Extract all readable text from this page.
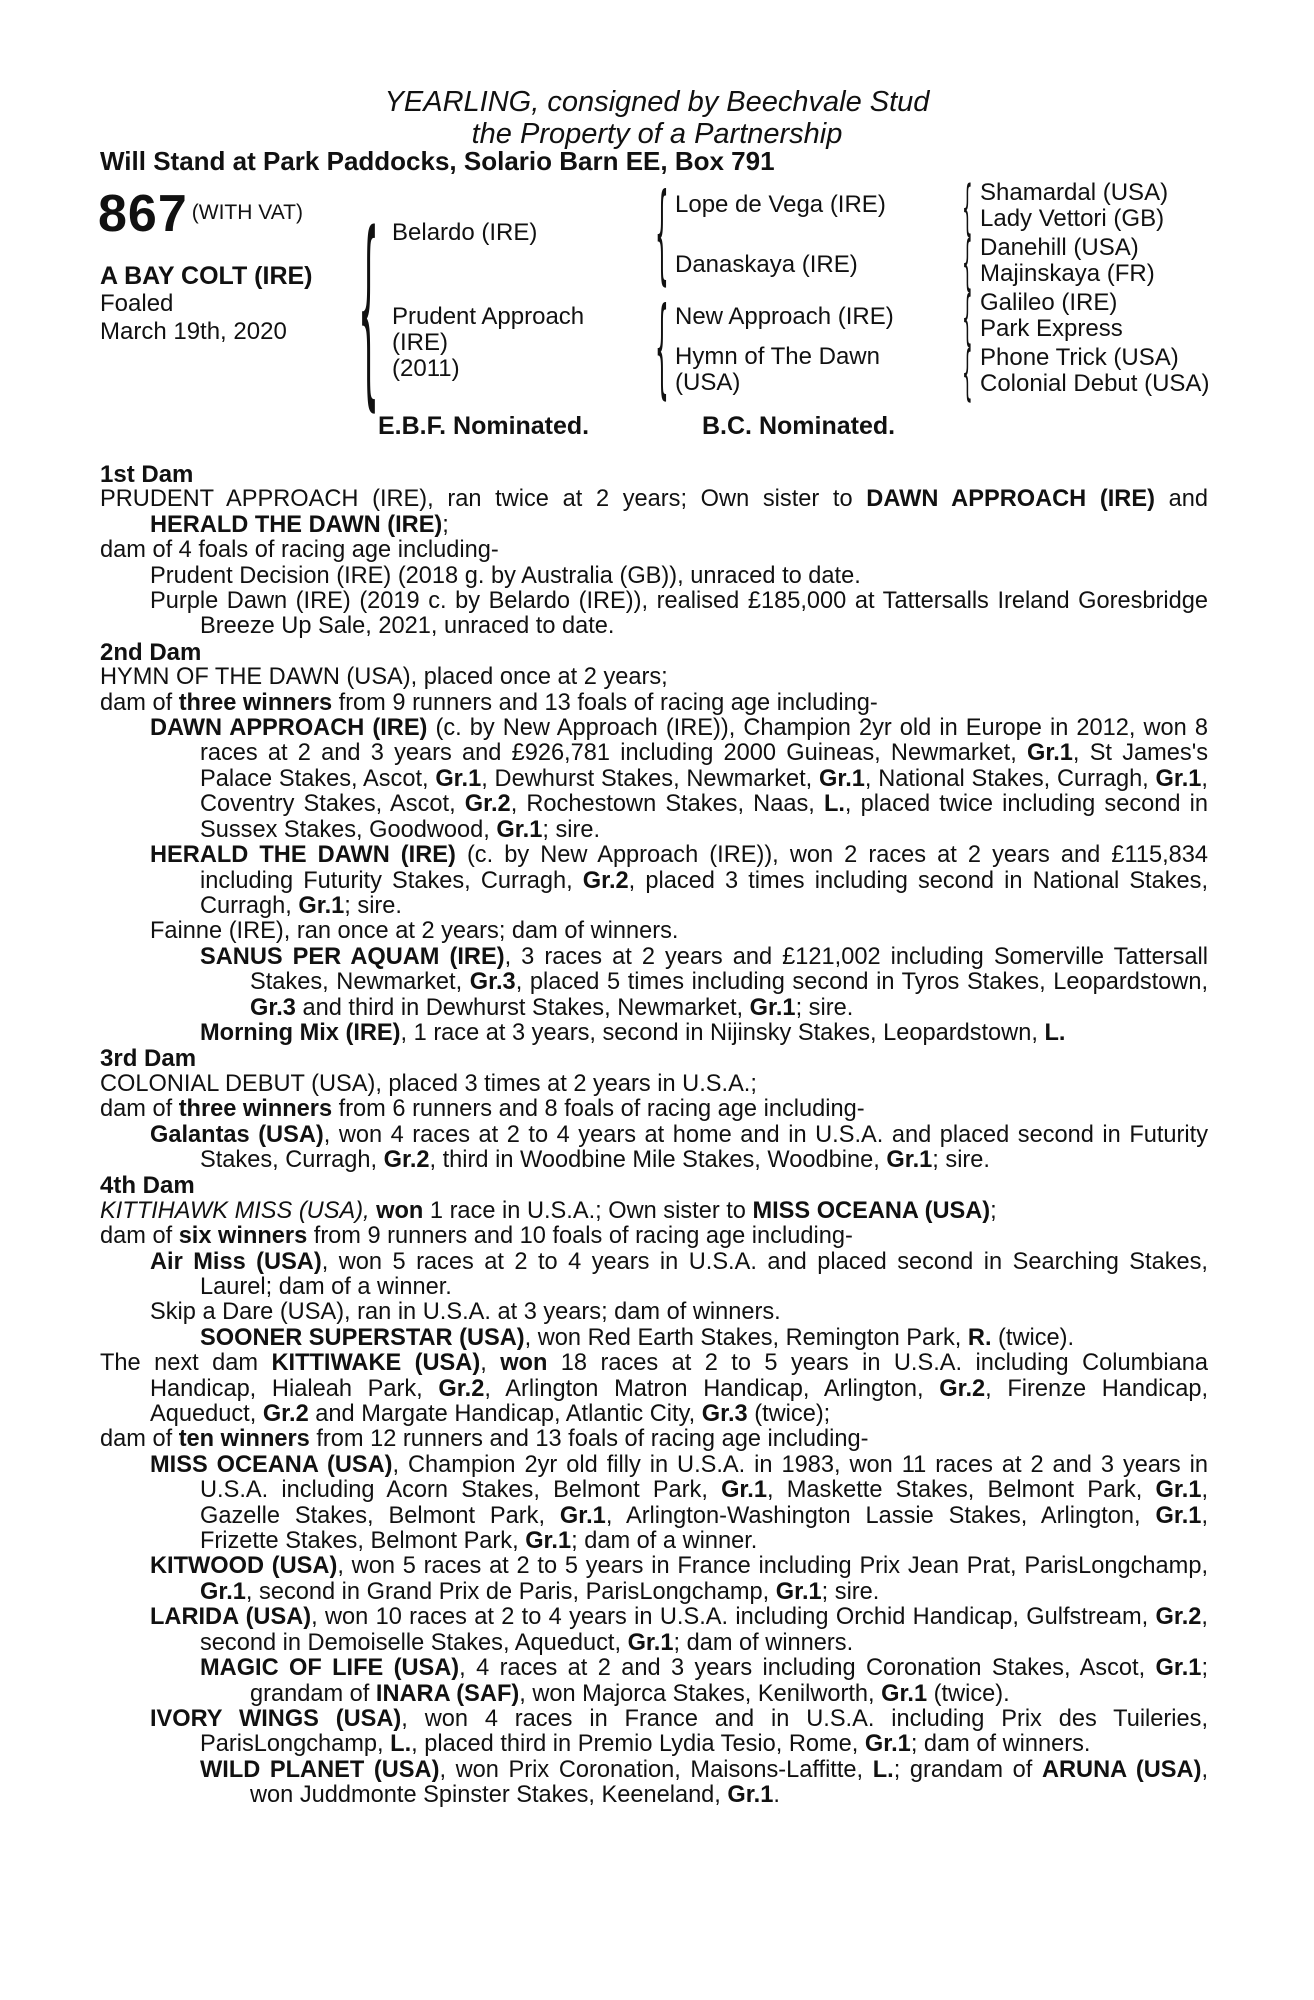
YEARLING, consigned by Beechvale Stud
the Property of a Partnership
Will Stand at Park Paddocks, Solario Barn EE, Box 791
867 (WITH VAT)
A BAY COLT (IRE)
Foaled
March 19th, 2020 { Belardo (IRE)
Prudent Approach
(IRE)
(2011)
{ Lope de Vega (IRE)
Danaskaya (IRE)
{ New Approach (IRE)
Hymn of The Dawn
(USA)
{ Shamardal (USA)
Lady Vettori (GB)
{ Danehill (USA)
Majinskaya (FR)
{ Galileo (IRE)
Park Express
{ Phone Trick (USA)
Colonial Debut (USA)
E.B.F. Nominated.	B.C. Nominated.

1st Dam

PRUDENT APPROACH (IRE), ran twice at 2 years; Own sister to DAWN APPROACH (IRE) and HERALD THE DAWN (IRE);

dam of 4 foals of racing age including-

Prudent Decision (IRE) (2018 g. by Australia (GB)), unraced to date.

Purple Dawn (IRE) (2019 c. by Belardo (IRE)), realised £185,000 at Tattersalls Ireland Goresbridge Breeze Up Sale, 2021, unraced to date.

2nd Dam

HYMN OF THE DAWN (USA), placed once at 2 years;

dam of three winners from 9 runners and 13 foals of racing age including-

DAWN APPROACH (IRE) (c. by New Approach (IRE)), Champion 2yr old in Europe in 2012, won 8 races at 2 and 3 years and £926,781 including 2000 Guineas, Newmarket, Gr.1, St James's Palace Stakes, Ascot, Gr.1, Dewhurst Stakes, Newmarket, Gr.1, National Stakes, Curragh, Gr.1, Coventry Stakes, Ascot, Gr.2, Rochestown Stakes, Naas, L., placed twice including second in Sussex Stakes, Goodwood, Gr.1; sire.

HERALD THE DAWN (IRE) (c. by New Approach (IRE)), won 2 races at 2 years and £115,834 including Futurity Stakes, Curragh, Gr.2, placed 3 times including second in National Stakes, Curragh, Gr.1; sire.

Fainne (IRE), ran once at 2 years; dam of winners.

SANUS PER AQUAM (IRE), 3 races at 2 years and £121,002 including Somerville Tattersall Stakes, Newmarket, Gr.3, placed 5 times including second in Tyros Stakes, Leopardstown, Gr.3 and third in Dewhurst Stakes, Newmarket, Gr.1; sire.

Morning Mix (IRE), 1 race at 3 years, second in Nijinsky Stakes, Leopardstown, L.

3rd Dam

COLONIAL DEBUT (USA), placed 3 times at 2 years in U.S.A.;

dam of three winners from 6 runners and 8 foals of racing age including-

Galantas (USA), won 4 races at 2 to 4 years at home and in U.S.A. and placed second in Futurity Stakes, Curragh, Gr.2, third in Woodbine Mile Stakes, Woodbine, Gr.1; sire.

4th Dam

KITTIHAWK MISS (USA), won 1 race in U.S.A.; Own sister to MISS OCEANA (USA);

dam of six winners from 9 runners and 10 foals of racing age including-

Air Miss (USA), won 5 races at 2 to 4 years in U.S.A. and placed second in Searching Stakes, Laurel; dam of a winner.

Skip a Dare (USA), ran in U.S.A. at 3 years; dam of winners.

SOONER SUPERSTAR (USA), won Red Earth Stakes, Remington Park, R. (twice).

The next dam KITTIWAKE (USA), won 18 races at 2 to 5 years in U.S.A. including Columbiana Handicap, Hialeah Park, Gr.2, Arlington Matron Handicap, Arlington, Gr.2, Firenze Handicap, Aqueduct, Gr.2 and Margate Handicap, Atlantic City, Gr.3 (twice);

dam of ten winners from 12 runners and 13 foals of racing age including-

MISS OCEANA (USA), Champion 2yr old filly in U.S.A. in 1983, won 11 races at 2 and 3 years in U.S.A. including Acorn Stakes, Belmont Park, Gr.1, Maskette Stakes, Belmont Park, Gr.1, Gazelle Stakes, Belmont Park, Gr.1, Arlington-Washington Lassie Stakes, Arlington, Gr.1, Frizette Stakes, Belmont Park, Gr.1; dam of a winner.

KITWOOD (USA), won 5 races at 2 to 5 years in France including Prix Jean Prat, ParisLongchamp, Gr.1, second in Grand Prix de Paris, ParisLongchamp, Gr.1; sire.

LARIDA (USA), won 10 races at 2 to 4 years in U.S.A. including Orchid Handicap, Gulfstream, Gr.2, second in Demoiselle Stakes, Aqueduct, Gr.1; dam of winners.

MAGIC OF LIFE (USA), 4 races at 2 and 3 years including Coronation Stakes, Ascot, Gr.1; grandam of INARA (SAF), won Majorca Stakes, Kenilworth, Gr.1 (twice).

IVORY WINGS (USA), won 4 races in France and in U.S.A. including Prix des Tuileries, ParisLongchamp, L., placed third in Premio Lydia Tesio, Rome, Gr.1; dam of winners.

WILD PLANET (USA), won Prix Coronation, Maisons-Laffitte, L.; grandam of ARUNA (USA), won Juddmonte Spinster Stakes, Keeneland, Gr.1.
